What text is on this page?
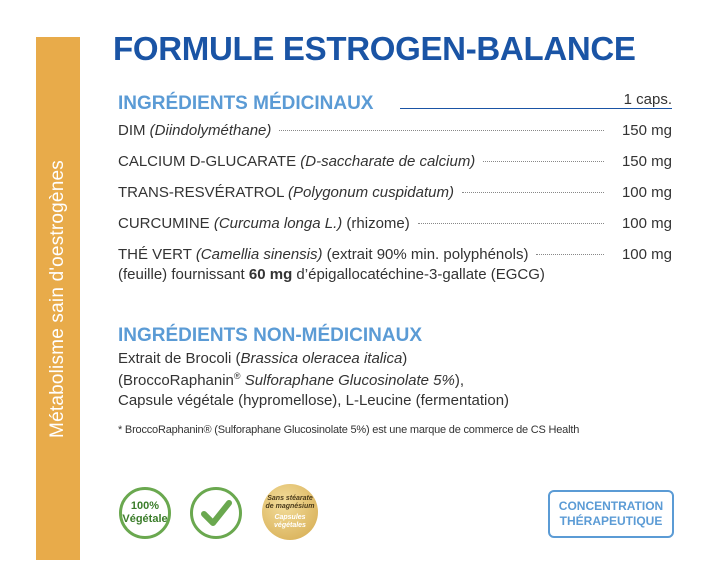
Métabolisme sain d'oestrogènes
FORMULE ESTROGEN-BALANCE
INGRÉDIENTS MÉDICINAUX	1 caps.
DIM (Diindolyméthane)	150 mg
CALCIUM D-GLUCARATE (D-saccharate de calcium)	150 mg
TRANS-RESVÉRATROL (Polygonum cuspidatum)	100 mg
CURCUMINE (Curcuma longa L.) (rhizome)	100 mg
THÉ VERT (Camellia sinensis) (extrait 90% min. polyphénols)	100 mg
(feuille) fournissant 60 mg d’épigallocatéchine-3-gallate (EGCG)
INGRÉDIENTS NON-MÉDICINAUX
Extrait de Brocoli (Brassica oleracea italica)
(BroccoRaphanin® Sulforaphane Glucosinolate 5%),
Capsule végétale (hypromellose), L-Leucine (fermentation)
* BroccoRaphanin® (Sulforaphane Glucosinolate 5%) est une marque de commerce de CS Health
100%
Végétale
Sans stéarate
de magnésium
Capsules
végétales
CONCENTRATION
THÉRAPEUTIQUE
